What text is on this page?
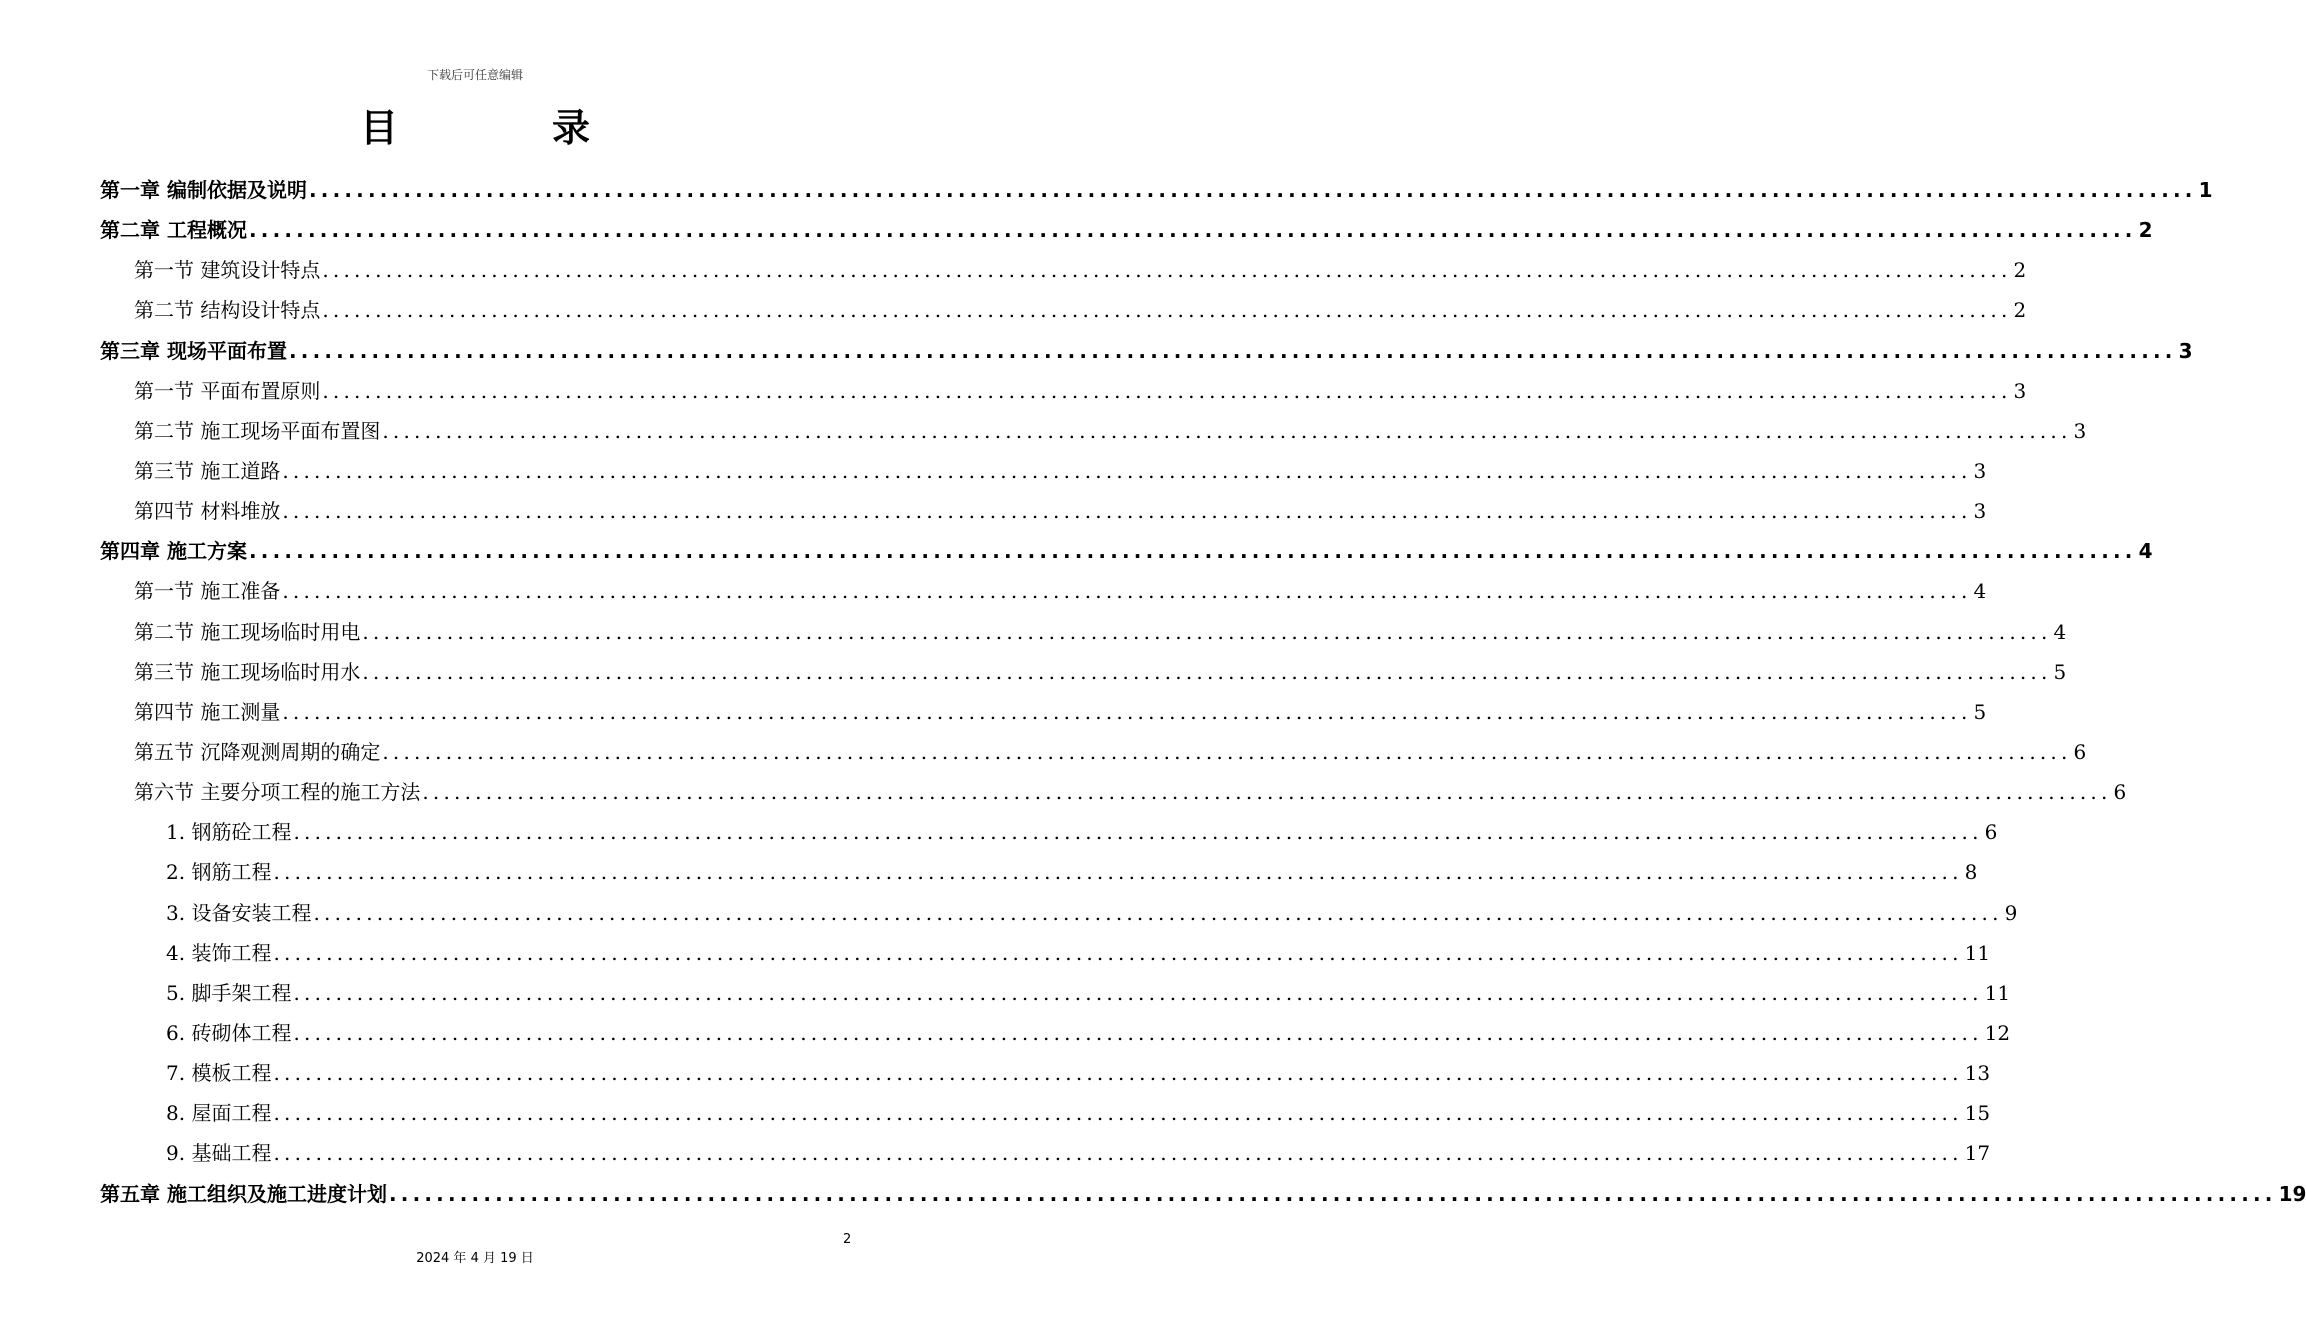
下载后可任意编辑
目	录
第一章 编制依据及说明 ................................................................................................................................................................ 1
第二章 工程概况 ................................................................................................................................................................ 2
第一节 建筑设计特点 ................................................................................................................................................................ 2
第二节 结构设计特点 ................................................................................................................................................................ 2
第三章 现场平面布置 ................................................................................................................................................................ 3
第一节 平面布置原则 ................................................................................................................................................................ 3
第二节 施工现场平面布置图 ................................................................................................................................................................ 3
第三节 施工道路 ................................................................................................................................................................ 3
第四节 材料堆放 ................................................................................................................................................................ 3
第四章 施工方案 ................................................................................................................................................................ 4
第一节 施工准备 ................................................................................................................................................................ 4
第二节 施工现场临时用电 ................................................................................................................................................................ 4
第三节 施工现场临时用水 ................................................................................................................................................................ 5
第四节 施工测量 ................................................................................................................................................................ 5
第五节 沉降观测周期的确定 ................................................................................................................................................................ 6
第六节 主要分项工程的施工方法 ................................................................................................................................................................ 6
1. 钢筋砼工程 ................................................................................................................................................................ 6
2. 钢筋工程 ................................................................................................................................................................ 8
3. 设备安装工程 ................................................................................................................................................................ 9
4. 装饰工程 ................................................................................................................................................................ 11
5. 脚手架工程 ................................................................................................................................................................ 11
6. 砖砌体工程 ................................................................................................................................................................ 12
7. 模板工程 ................................................................................................................................................................ 13
8. 屋面工程 ................................................................................................................................................................ 15
9. 基础工程 ................................................................................................................................................................ 17
第五章 施工组织及施工进度计划 ................................................................................................................................................................ 19
2
2024 年 4 月 19 日
